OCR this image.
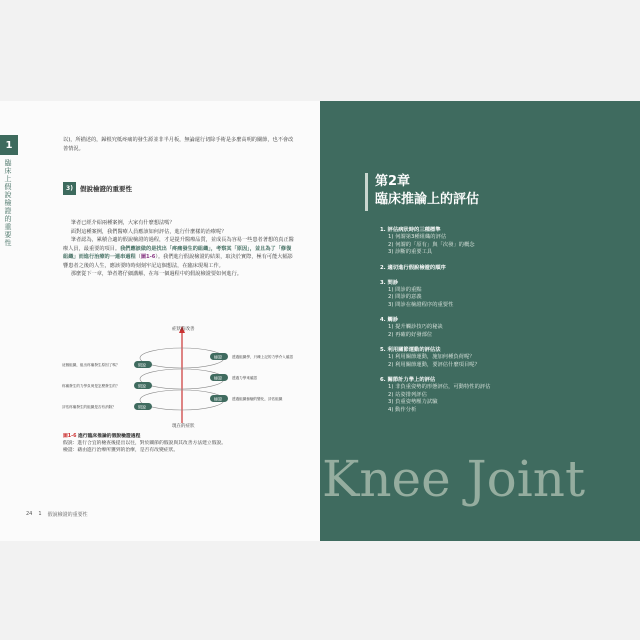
1
臨床上假說檢證的重要性
以)，所描述的，歸根究柢疼痛的發生源並非半月板，無論還行切除手術是多麼高明的關節，也不會改善情況。
3)	假說檢證的重要性

筆者已經介紹兩種案例，大家有什麼想法嗎？

面對這種案例，我們醫療人員應該如何評估，進行什麼樣的治療呢？

筆者認為，累積合適的假說檢證的過程，才是提升醫療品質，並成長為容易一些患者著想的真正醫療人員，最重要的項目。我們應該做的是找出「疼痛發生的組織」，考察其「原因」，並且為了「修復組織」而進行治療的一連串過程（圖1-6）。我們進行假說檢證的結果，取決於實際，極有可能大幅影響患者之後的人生，應該要時時刻刻牢記這個想法，在臨床現場工作。

那麼從下一章，筆者將仔細講解，在每一個過程中的假說檢證要如何進行。

症狀的改善
現在的症狀
假說
假說
假說
檢證
檢證
檢證
這個組織，組出疼痛發生原因了嗎？
疼痛發生的力學負荷是怎麼發生的？
評估疼痛發生的組織是否有消除？
透過組織學，只練上記的力學介入確認
透過力學來確認
透過組織檢驗的變化，評估組織
圖1-6 進行臨床推論的假說檢證過程
假說：進行合宜的檢查後提出以往，對於關節的假說與其改善方法建立假說。
檢證：藉由進行治療所獲到的治療，是否有改變症狀。
24 1 假說檢證的重要性
第2章
臨床推論上的評估
1. 評估病狀時的三種標準
1) 何謂第3種組織的評估
2) 何謂的「原有」與「次發」的概念
3) 診斷的重要工具
2. 適切進行假說檢證的順序
3. 問診
1) 問診的重點
2) 問診的意義
3) 問診在檢證程序的重要性
4. 觸診
1) 提升觸診技巧的秘訣
2) 再確的好發部位
5. 利用關節運動的評估法
1) 利用關節運動，施加何種負荷呢？
2) 利用關節運動，要評估什麼項目呢？
6. 關節計力學上的評估
1) 非負重姿勢的形態評估，可動特性的評估
2) 站姿排列評估
3) 負重姿勢壓力試驗
4) 動作分析
Knee Joint
